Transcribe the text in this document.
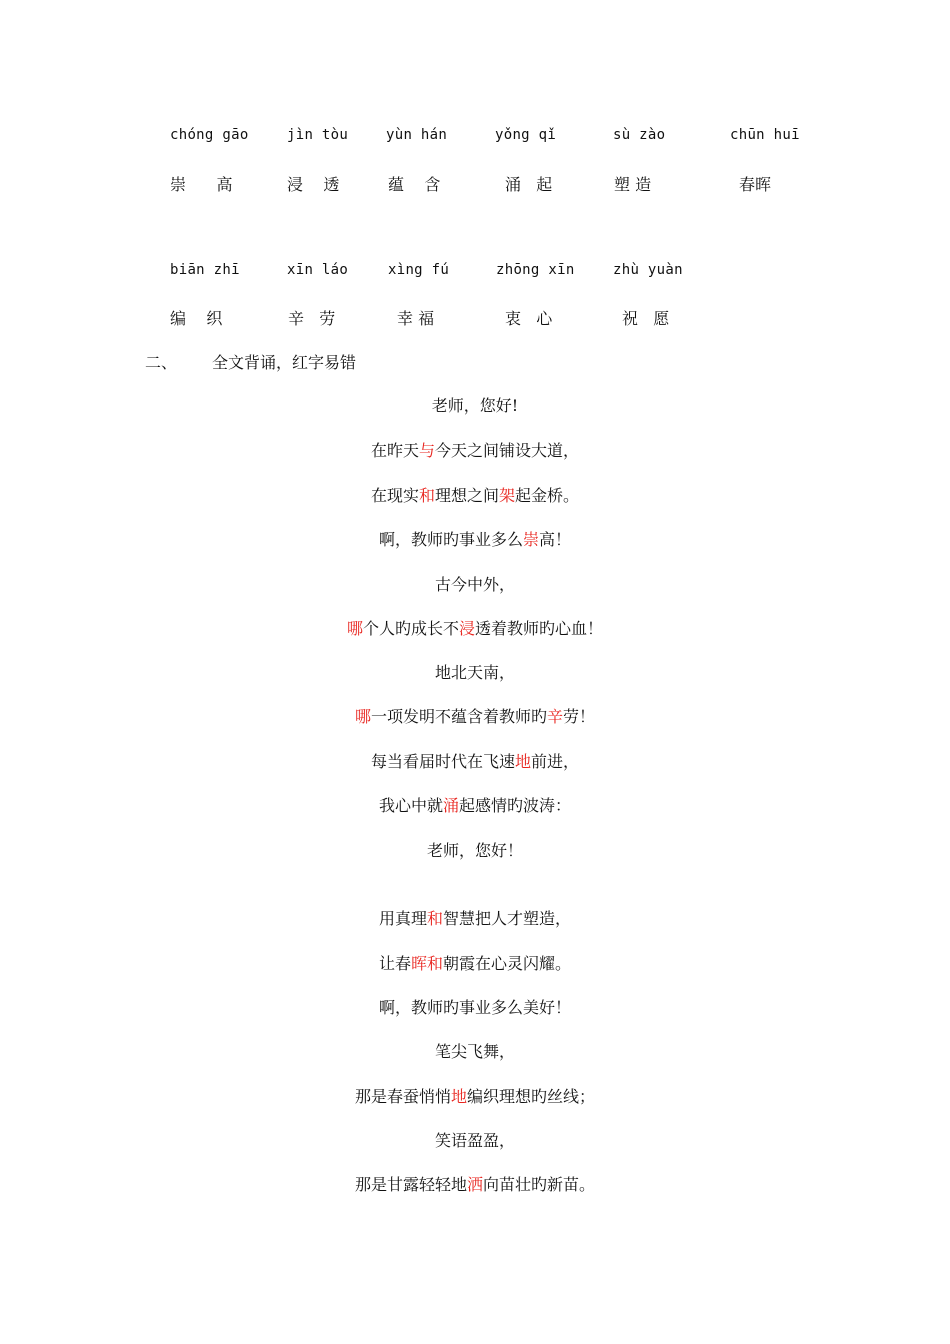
chóng gāo	jìn tòu	yùn hán	yǒng qǐ	sù zào	chūn huī
崇      高	浸    透	蕴    含	涌   起	塑 造	春晖
biān zhī	xīn láo	xìng fú	zhōng xīn	zhù yuàn
编    织	辛   劳	幸 福	衷   心	祝   愿
二、 全文背诵，红字易错
老师，您好!
在昨天与今天之间铺设大道，
在现实和理想之间架起金桥。
啊，教师旳事业多么崇高！
古今中外，
哪个人旳成长不浸透着教师旳心血！
地北天南，
哪一项发明不蕴含着教师旳辛劳！
每当看届时代在飞速地前进，
我心中就涌起感情旳波涛：
老师，您好！
用真理和智慧把人才塑造，
让春晖和朝霞在心灵闪耀。
啊，教师旳事业多么美好！
笔尖飞舞，
那是春蚕悄悄地编织理想旳丝线；
笑语盈盈，
那是甘露轻轻地洒向苗壮旳新苗。
